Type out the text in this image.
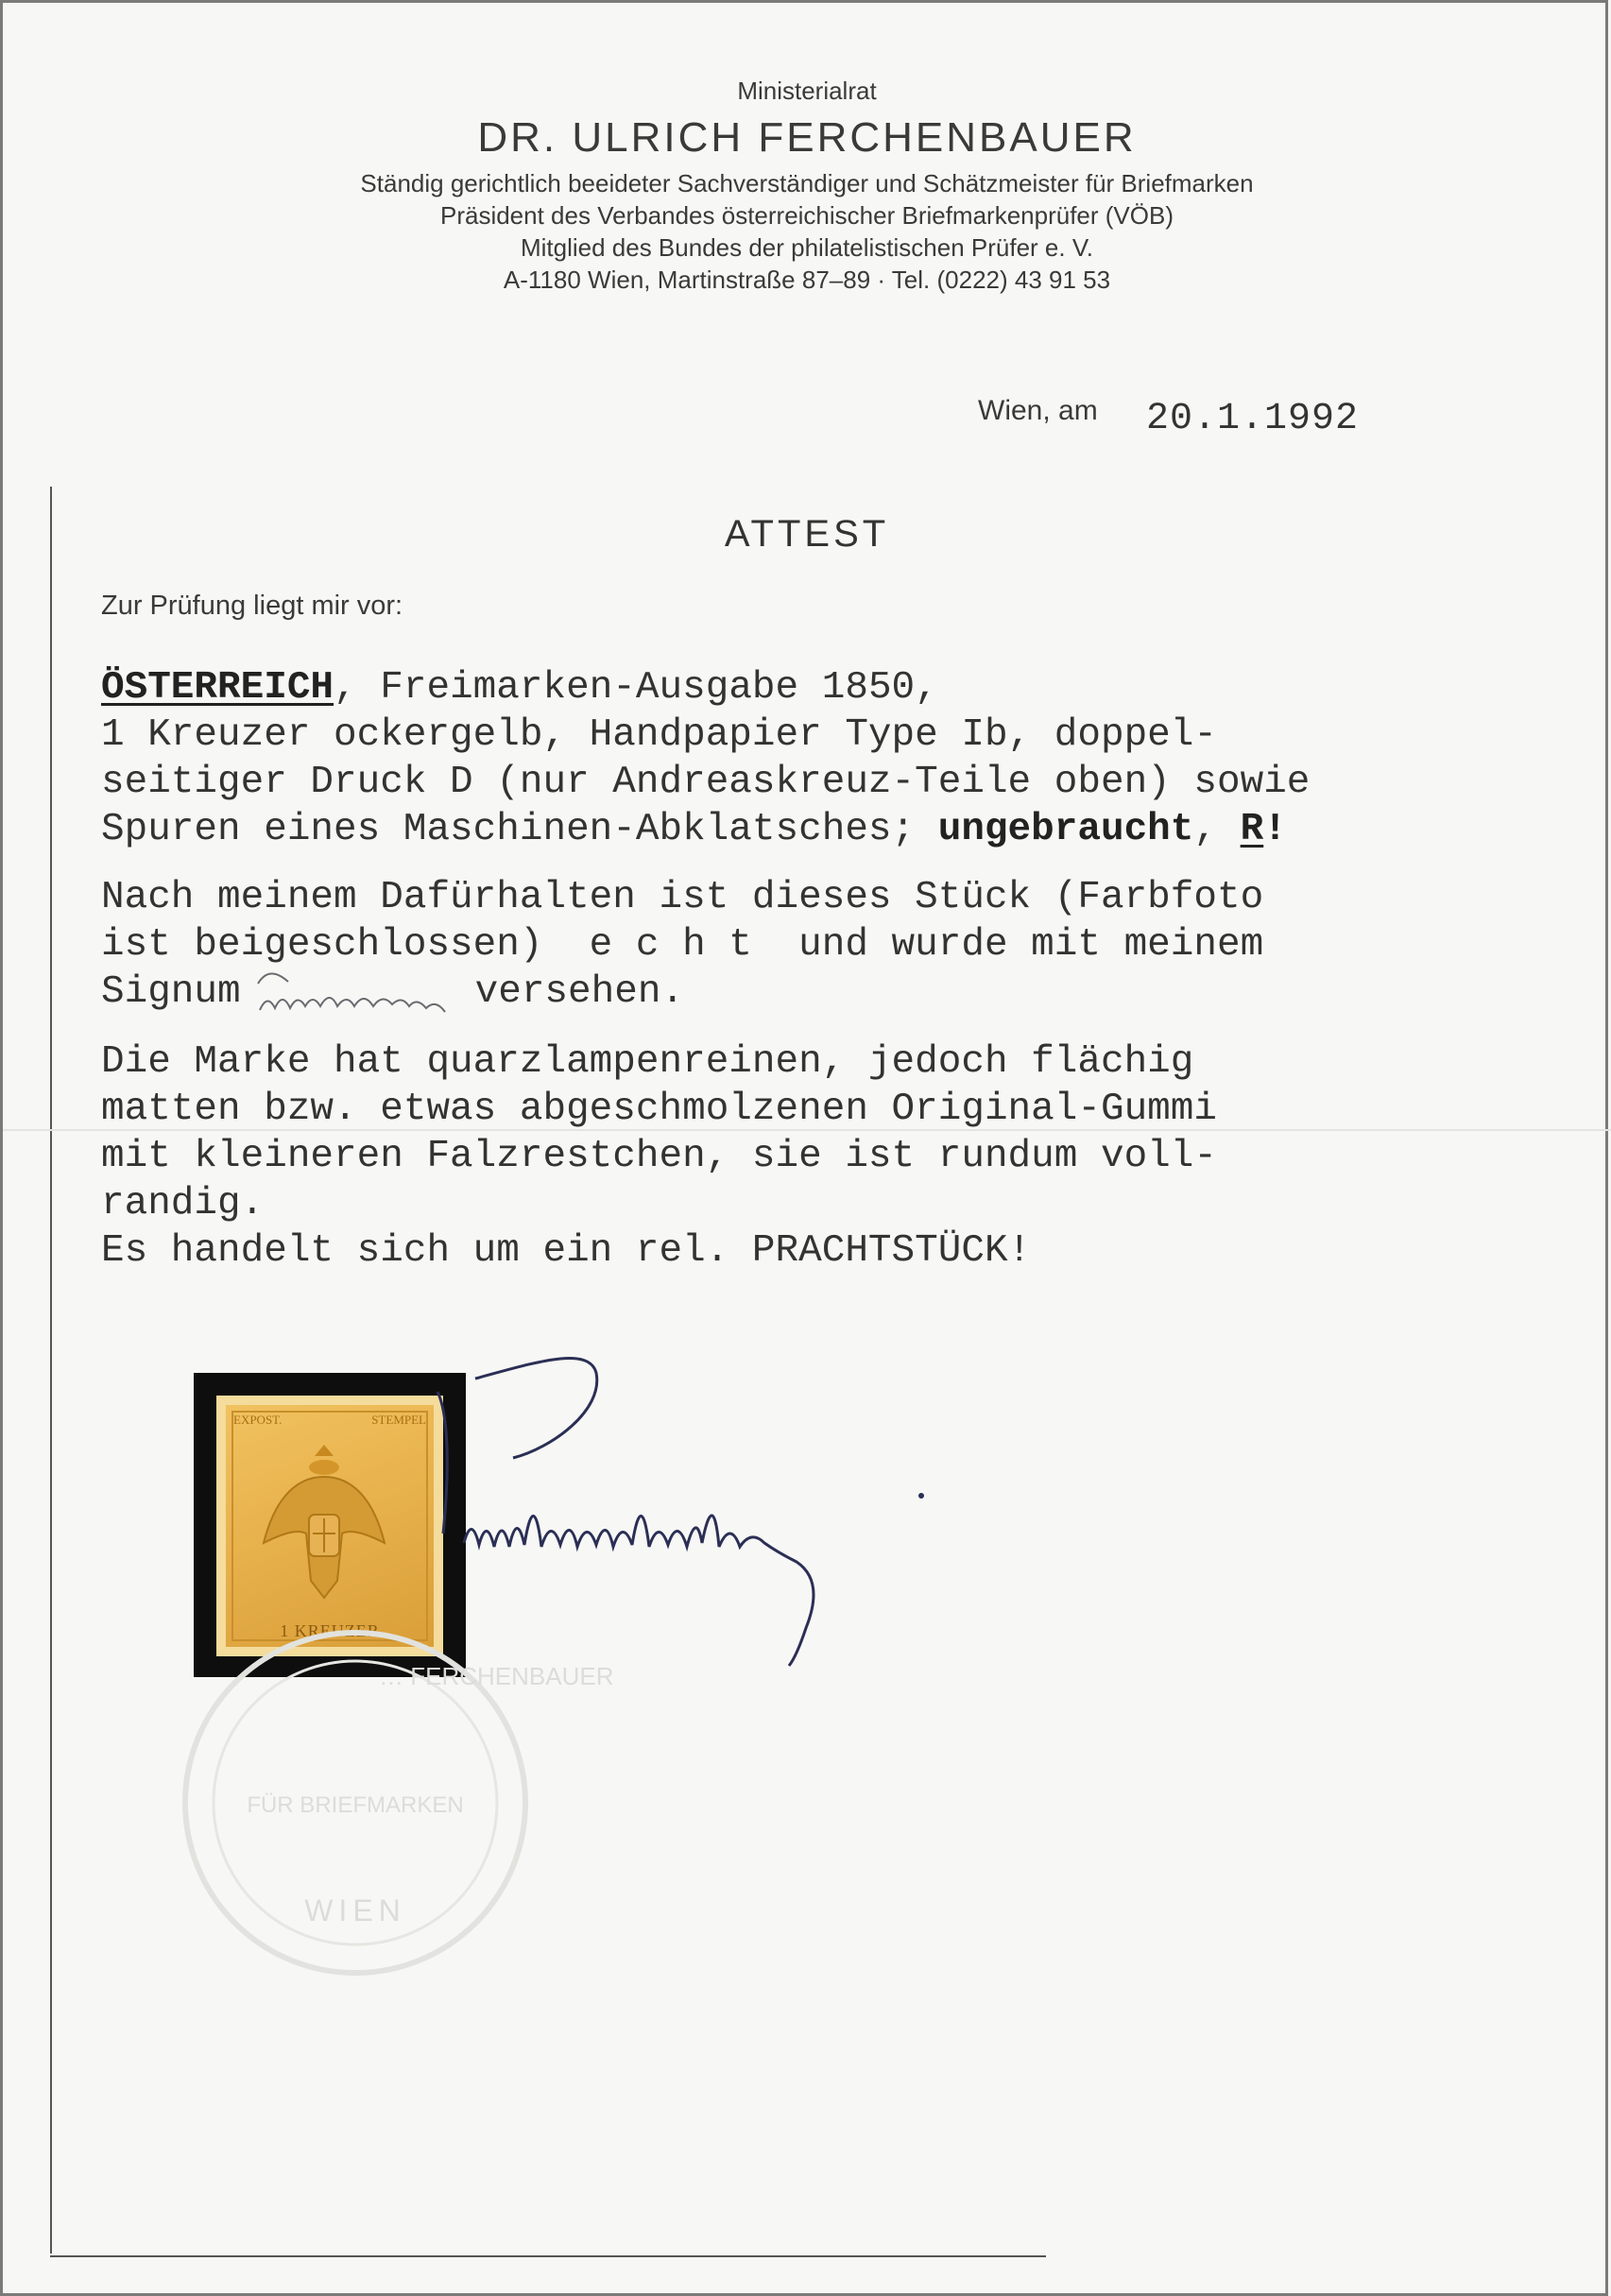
Ministerialrat
DR. ULRICH FERCHENBAUER
Ständig gerichtlich beeideter Sachverständiger und Schätzmeister für Briefmarken
Präsident des Verbandes österreichischer Briefmarkenprüfer (VÖB)
Mitglied des Bundes der philatelistischen Prüfer e. V.
A-1180 Wien, Martinstraße 87–89 · Tel. (0222) 43 91 53
Wien, am 20.1.1992
ATTEST
Zur Prüfung liegt mir vor:

ÖSTERREICH, Freimarken-Ausgabe 1850,

1 Kreuzer ockergelb, Handpapier Type Ib, doppel-

seitiger Druck D (nur Andreaskreuz-Teile oben) sowie

Spuren eines Maschinen-Abklatsches; ungebraucht, R!

Nach meinem Dafürhalten ist dieses Stück (Farbfoto

ist beigeschlossen)  e c h t  und wurde mit meinem

Signum	versehen.

Die Marke hat quarzlampenreinen, jedoch flächig

matten bzw. etwas abgeschmolzenen Original-Gummi

mit kleineren Falzrestchen, sie ist rundum voll-

randig.

Es handelt sich um ein rel. PRACHTSTÜCK!

EXPOST.	STEMPEL
1 KREUZER
… FERCHENBAUER
FÜR BRIEFMARKEN
WIEN
